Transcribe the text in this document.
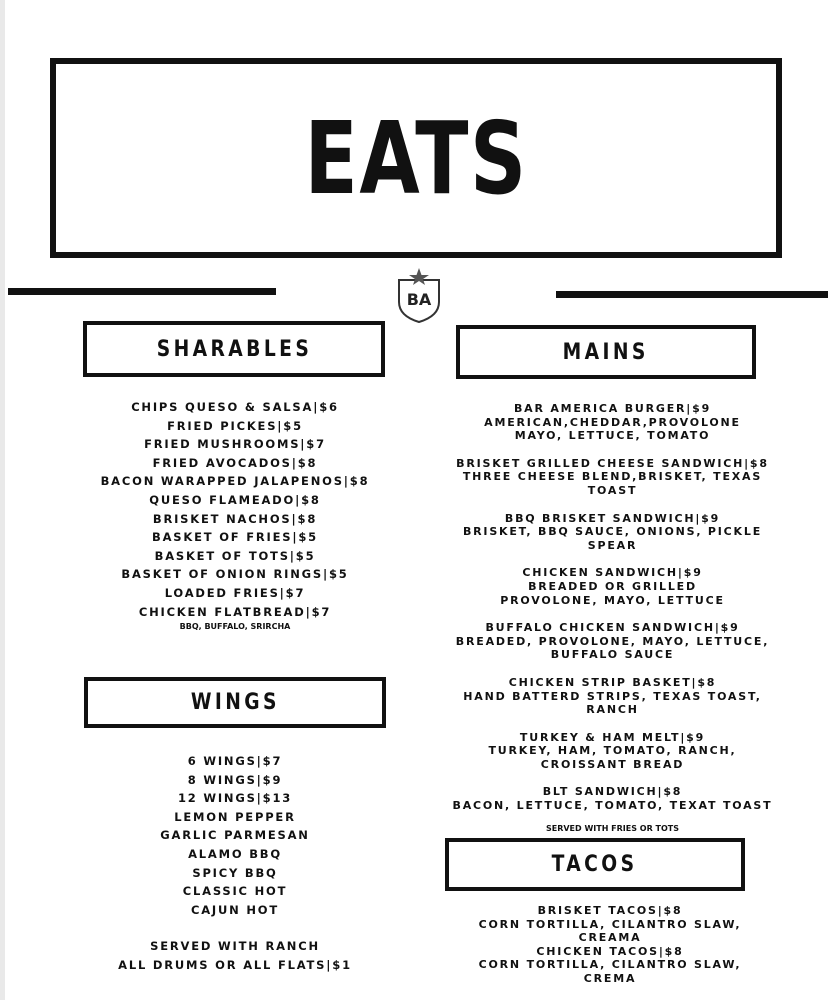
EATS
BA
SHARABLES
CHIPS QUESO & SALSA|$6
FRIED PICKES|$5
FRIED MUSHROOMS|$7
FRIED AVOCADOS|$8
BACON WARAPPED JALAPENOS|$8
QUESO FLAMEADO|$8
BRISKET NACHOS|$8
BASKET OF FRIES|$5
BASKET OF TOTS|$5
BASKET OF ONION RINGS|$5
LOADED FRIES|$7
CHICKEN FLATBREAD|$7
BBQ, BUFFALO, SRIRCHA
WINGS
6 WINGS|$7
8 WINGS|$9
12 WINGS|$13
LEMON PEPPER
GARLIC PARMESAN
ALAMO BBQ
SPICY BBQ
CLASSIC HOT
CAJUN HOT
SERVED WITH RANCH
ALL DRUMS OR ALL FLATS|$1
MAINS
BAR AMERICA BURGER|$9
AMERICAN,CHEDDAR,PROVOLONE
MAYO, LETTUCE, TOMATO
BRISKET GRILLED CHEESE SANDWICH|$8
THREE CHEESE BLEND,BRISKET, TEXAS
TOAST
BBQ BRISKET SANDWICH|$9
BRISKET, BBQ SAUCE, ONIONS, PICKLE
SPEAR
CHICKEN SANDWICH|$9
BREADED OR GRILLED
PROVOLONE, MAYO, LETTUCE
BUFFALO CHICKEN SANDWICH|$9
BREADED, PROVOLONE, MAYO, LETTUCE,
BUFFALO SAUCE
CHICKEN STRIP BASKET|$8
HAND BATTERD STRIPS, TEXAS TOAST,
RANCH
TURKEY & HAM MELT|$9
TURKEY, HAM, TOMATO, RANCH,
CROISSANT BREAD
BLT SANDWICH|$8
BACON, LETTUCE, TOMATO, TEXAT TOAST
SERVED WITH FRIES OR TOTS
TACOS
BRISKET TACOS|$8
CORN TORTILLA, CILANTRO SLAW,
CREAMA
CHICKEN TACOS|$8
CORN TORTILLA, CILANTRO SLAW,
CREMA
